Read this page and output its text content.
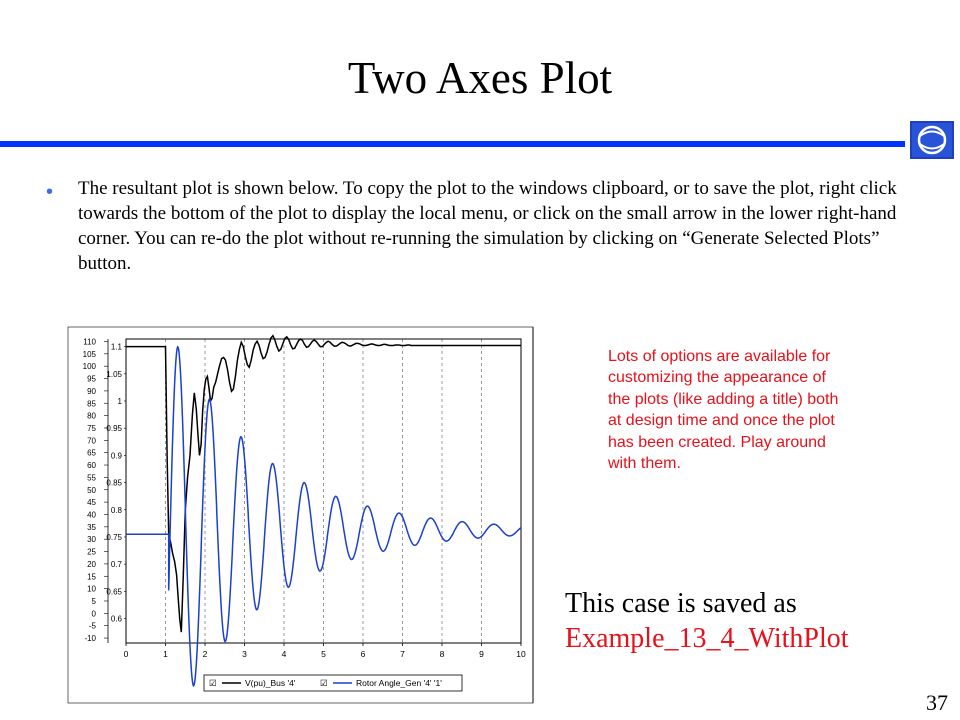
Two Axes Plot
• The resultant plot is shown below. To copy the plot to the windows clipboard, or to save the plot, right click towards the bottom of the plot to display the local menu, or click on the small arrow in the lower right-hand corner. You can re-do the plot without re-running the simulation by clicking on “Generate Selected Plots” button.
110
105
100
95
90
85
80
75
70
65
60
55
50
45
40
35
30
25
20
15
10
5
0
-5
-10
1.1
1.05
1
0.95
0.9
0.85
0.8
0.75
0.7
0.65
0.6
0	1	2	3	4	5	6	7	8	9	10
☑	V(pu)_Bus '4'	☑	Rotor Angle_Gen '4' '1'
Lots of options are available for customizing the appearance of the plots (like adding a title) both at design time and once the plot has been created. Play around with them.
This case is saved as
Example_13_4_WithPlot
37
